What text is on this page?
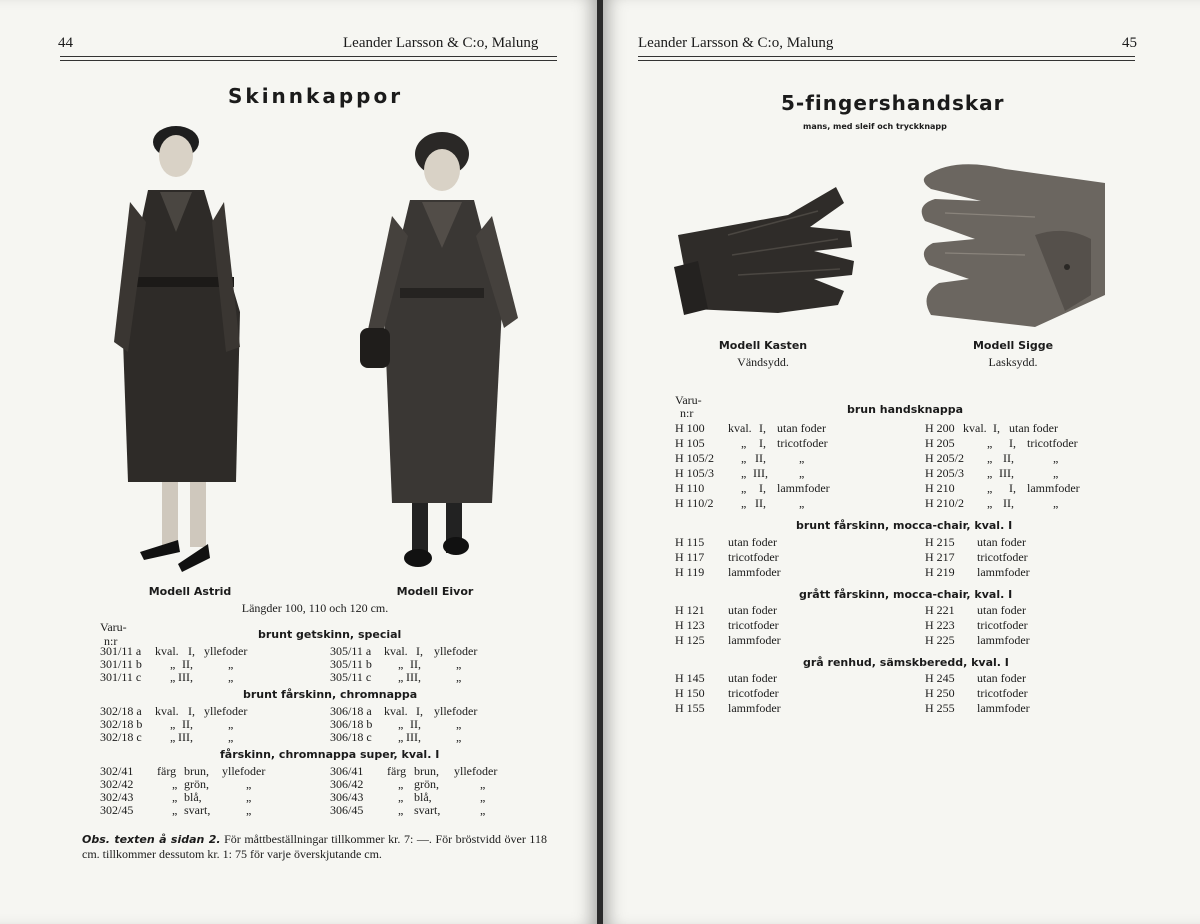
44	Leander Larsson & C:o, Malung
Skinnkappor
Modell Astrid	Modell Eivor
Längder 100, 110 och 120 cm.
Varu-
n:r	brunt getskinn, special
301/11 a kval. I, yllefoder	305/11 a kval. I, yllefoder
301/11 b „ II,	„	305/11 b „ II,	„
301/11 c „ III,	„	305/11 c „ III,	„
brunt fårskinn, chromnappa
302/18 a kval. I, yllefoder	306/18 a kval. I, yllefoder
302/18 b „ II,	„	306/18 b „ II,	„
302/18 c „ III,	„	306/18 c „ III,	„
fårskinn, chromnappa super, kval. I
302/41 färg brun, yllefoder	306/41 färg brun, yllefoder
302/42	„ grön,	„	306/42	„ grön,	„
302/43	„ blå,	„	306/43	„ blå,	„
302/45	„ svart,	„	306/45	„ svart,	„
Obs. texten å sidan 2. För måttbeställningar tillkommer kr. 7: —. För bröstvidd över 118 cm. tillkommer dessutom kr. 1: 75 för varje överskjutande cm.
Leander Larsson & C:o, Malung	45
5-fingershandskar
mans, med sleif och tryckknapp
Modell Kasten
Vändsydd.
Modell Sigge
Lasksydd.
Varu-
n:r	brun handsknappa
H 100 kval. I, utan foder	H 200 kval. I, utan foder
H 105	„ I, tricotfoder	H 205	„ I, tricotfoder
H 105/2 „ II,	„	H 205/2 „ II,	„
H 105/3 „ III,	„	H 205/3 „ III,	„
H 110	„ I, lammfoder	H 210	„ I, lammfoder
H 110/2 „ II,	„	H 210/2 „ II,	„
brunt fårskinn, mocca-chair, kval. I
H 115 utan foder	H 215 utan foder
H 117 tricotfoder	H 217 tricotfoder
H 119 lammfoder	H 219 lammfoder
grått fårskinn, mocca-chair, kval. I
H 121 utan foder	H 221 utan foder
H 123 tricotfoder	H 223 tricotfoder
H 125 lammfoder	H 225 lammfoder
grå renhud, sämskberedd, kval. I
H 145 utan foder	H 245 utan foder
H 150 tricotfoder	H 250 tricotfoder
H 155 lammfoder	H 255 lammfoder
